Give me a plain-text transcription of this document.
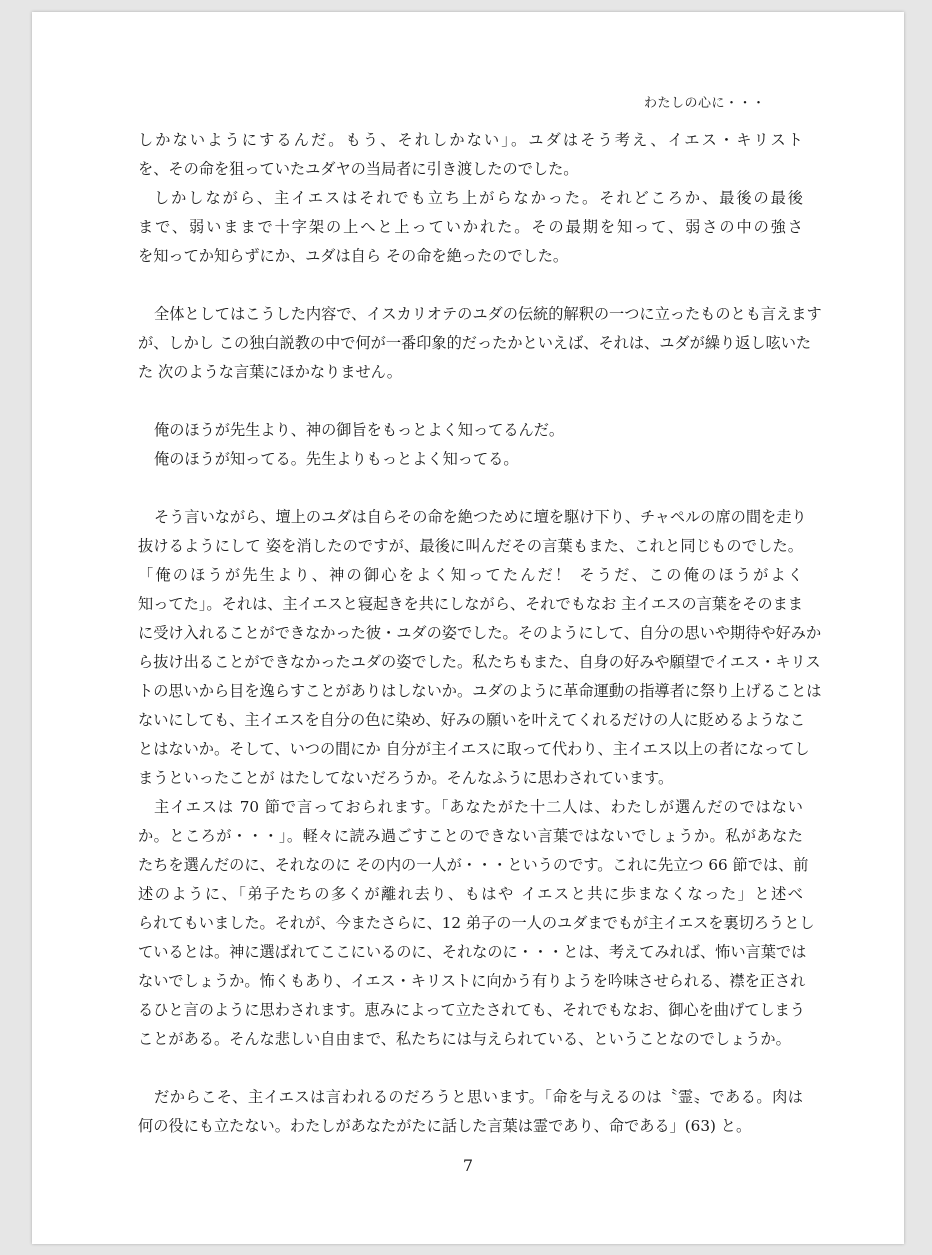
わたしの心に・・・
しかないようにするんだ。もう、それしかない」。ユダはそう考え、イエス・キリスト
を、その命を狙っていたユダヤの当局者に引き渡したのでした。
しかしながら、主イエスはそれでも立ち上がらなかった。それどころか、最後の最後
まで、弱いままで十字架の上へと上っていかれた。その最期を知って、弱さの中の強さ
を知ってか知らずにか、ユダは自ら その命を絶ったのでした。
全体としてはこうした内容で、イスカリオテのユダの伝統的解釈の一つに立ったものとも言えます
が、しかし この独白説教の中で何が一番印象的だったかといえば、それは、ユダが繰り返し呟いた
た 次のような言葉にほかなりません。
俺のほうが先生より、神の御旨をもっとよく知ってるんだ。
俺のほうが知ってる。先生よりもっとよく知ってる。
そう言いながら、壇上のユダは自らその命を絶つために壇を駆け下り、チャペルの席の間を走り
抜けるようにして 姿を消したのですが、最後に叫んだその言葉もまた、これと同じものでした。
「俺のほうが先生より、神の御心をよく知ってたんだ！ そうだ、この俺のほうがよく
知ってた」。それは、主イエスと寝起きを共にしながら、それでもなお 主イエスの言葉をそのまま
に受け入れることができなかった彼・ユダの姿でした。そのようにして、自分の思いや期待や好みか
ら抜け出ることができなかったユダの姿でした。私たちもまた、自身の好みや願望でイエス・キリス
トの思いから目を逸らすことがありはしないか。ユダのように革命運動の指導者に祭り上げることは
ないにしても、主イエスを自分の色に染め、好みの願いを叶えてくれるだけの人に貶めるようなこ
とはないか。そして、いつの間にか 自分が主イエスに取って代わり、主イエス以上の者になってし
まうといったことが はたしてないだろうか。そんなふうに思わされています。
主イエスは 70 節で言っておられます。「あなたがた十二人は、わたしが選んだのではない
か。ところが・・・」。軽々に読み過ごすことのできない言葉ではないでしょうか。私があなた
たちを選んだのに、それなのに その内の一人が・・・というのです。これに先立つ 66 節では、前
述のように、「弟子たちの多くが離れ去り、もはや イエスと共に歩まなくなった」と述べ
られてもいました。それが、今またさらに、12 弟子の一人のユダまでもが主イエスを裏切ろうとし
ているとは。神に選ばれてここにいるのに、それなのに・・・とは、考えてみれば、怖い言葉では
ないでしょうか。怖くもあり、イエス・キリストに向かう有りようを吟味させられる、襟を正され
るひと言のように思わされます。恵みによって立たされても、それでもなお、御心を曲げてしまう
ことがある。そんな悲しい自由まで、私たちには与えられている、ということなのでしょうか。
だからこそ、主イエスは言われるのだろうと思います。「命を与えるのは〝霊〟である。肉は
何の役にも立たない。わたしがあなたがたに話した言葉は霊であり、命である」(63) と。
7
